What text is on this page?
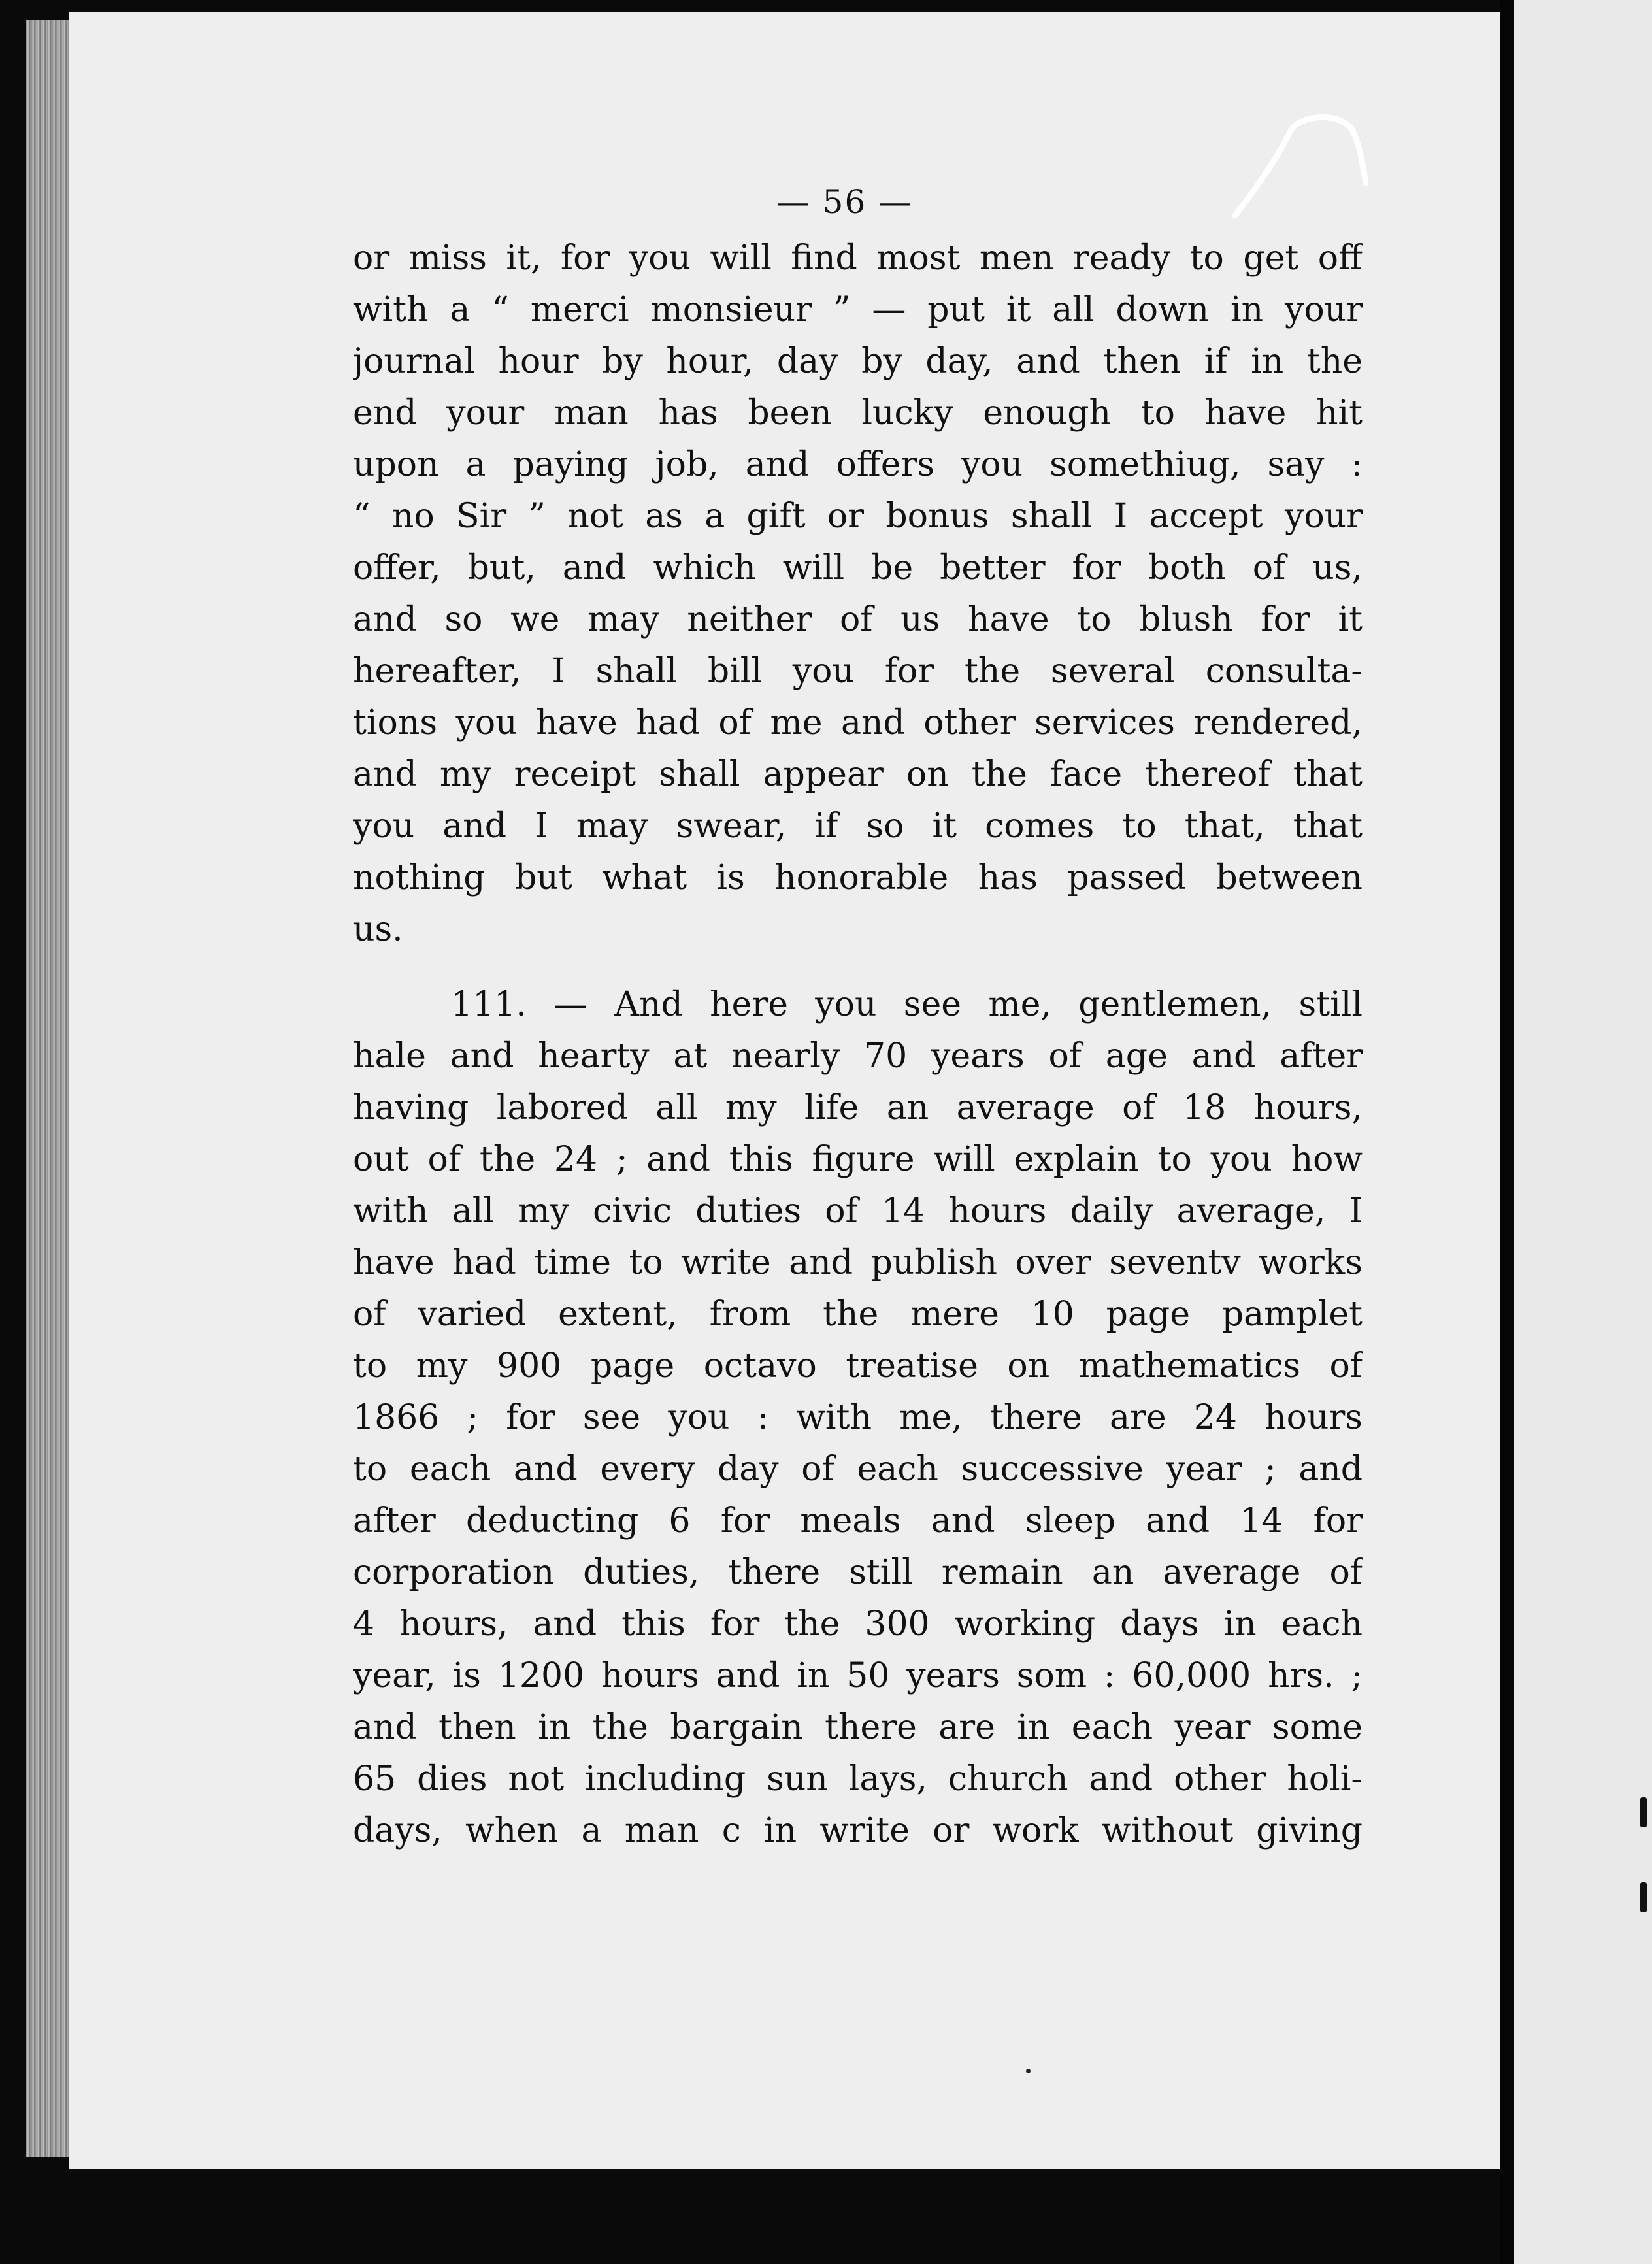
— 56 —
or miss it, for you will find most men ready to get off
with a “ merci monsieur ” — put it all down in your
journal hour by hour, day by day, and then if in the
end your man has been lucky enough to have hit
upon a paying job, and offers you somethiug, say :
“ no Sir ” not as a gift or bonus shall I accept your
offer, but, and which will be better for both of us,
and so we may neither of us have to blush for it
hereafter, I shall bill you for the several consulta-
tions you have had of me and other services rendered,
and my receipt shall appear on the face thereof that
you and I may swear, if so it comes to that, that
nothing but what is honorable has passed between
us.
111. — And here you see me, gentlemen, still
hale and hearty at nearly 70 years of age and after
having labored all my life an average of 18 hours,
out of the 24 ; and this figure will explain to you how
with all my civic duties of 14 hours daily average, I
have had time to write and publish over seventv works
of varied extent, from the mere 10 page pamplet
to my 900 page octavo treatise on mathematics of
1866 ; for see you : with me, there are 24 hours
to each and every day of each successive year ; and
after deducting 6 for meals and sleep and 14 for
corporation duties, there still remain an average of
4 hours, and this for the 300 working days in each
year, is 1200 hours and in 50 years som : 60,000 hrs. ;
and then in the bargain there are in each year some
65 dies not including sun lays, church and other holi-
days, when a man c in write or work without giving
